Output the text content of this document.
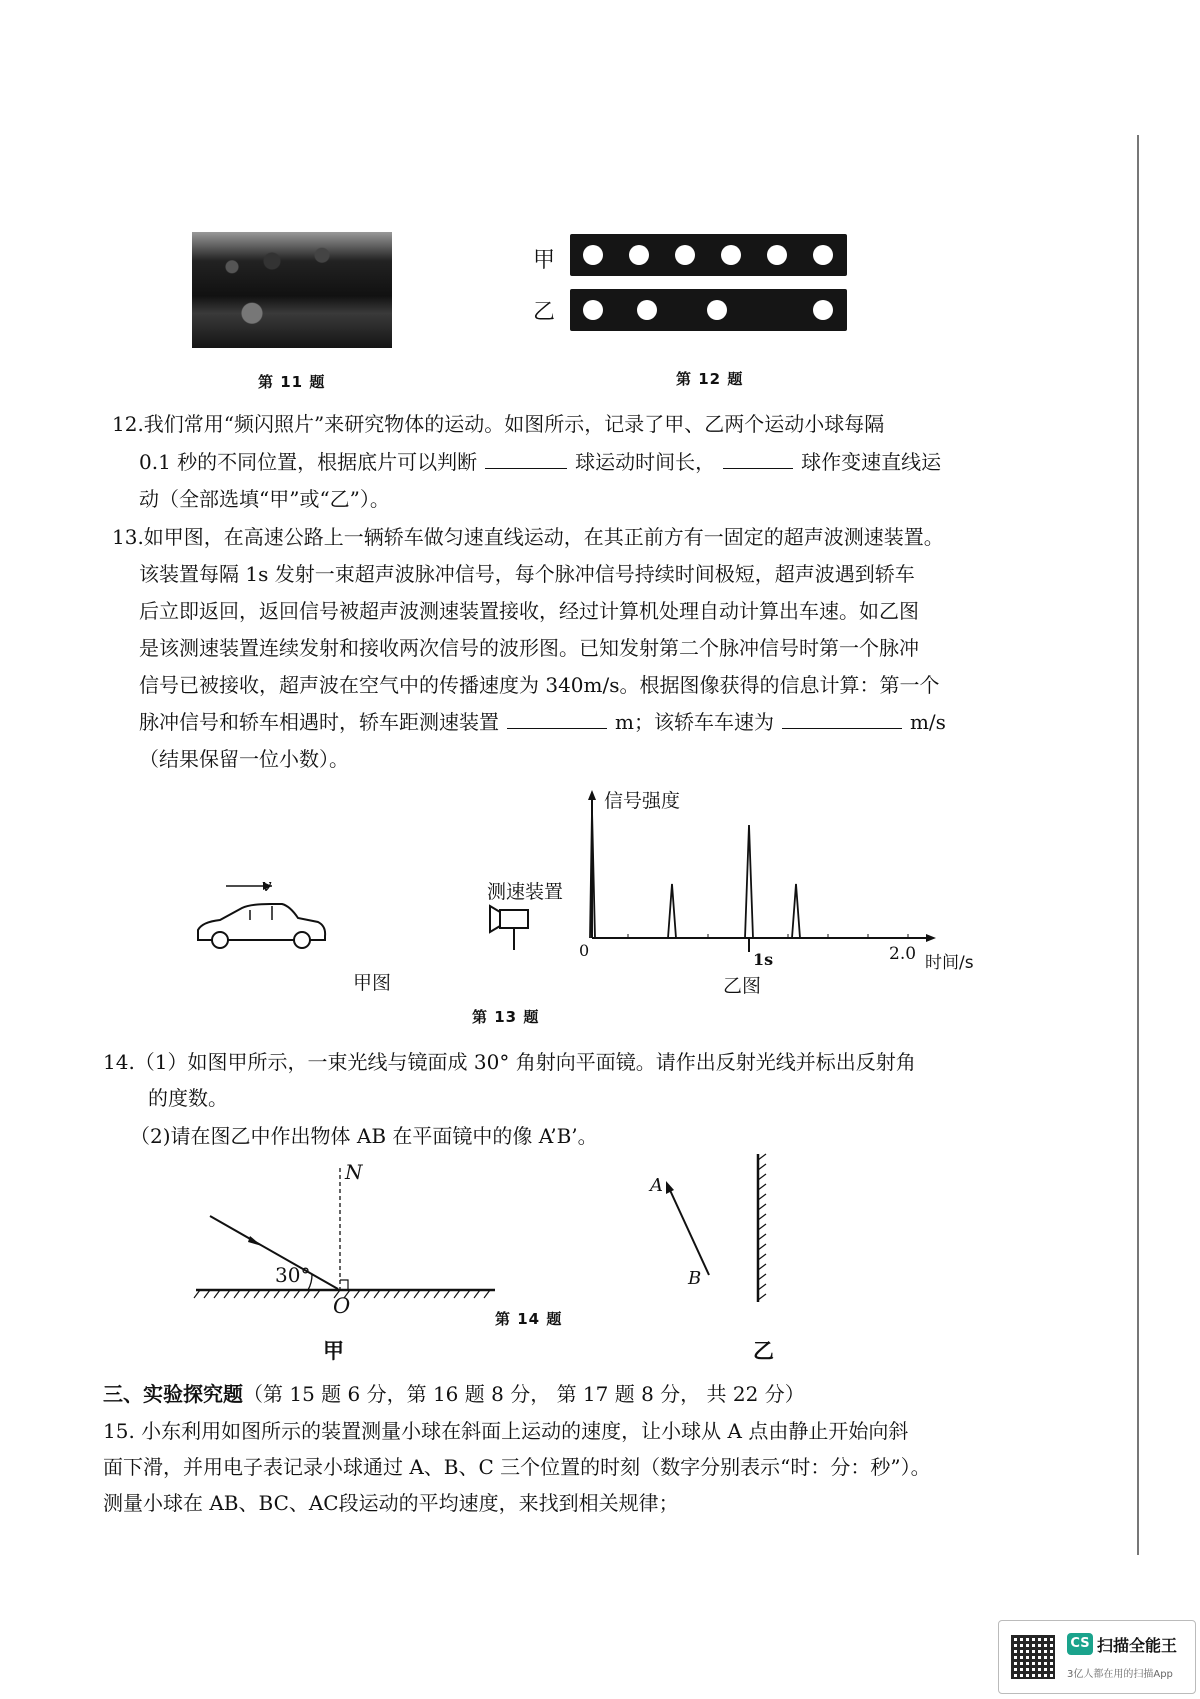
第 11 题
甲
乙
第 12 题
12.我们常用“频闪照片”来研究物体的运动。如图所示，记录了甲、乙两个运动小球每隔
0.1 秒的不同位置，根据底片可以判断	球运动时间长，	球作变速直线运
动（全部选填“甲”或“乙”）。
13.如甲图，在高速公路上一辆轿车做匀速直线运动，在其正前方有一固定的超声波测速装置。
该装置每隔 1s 发射一束超声波脉冲信号，每个脉冲信号持续时间极短，超声波遇到轿车
后立即返回，返回信号被超声波测速装置接收，经过计算机处理自动计算出车速。如乙图
是该测速装置连续发射和接收两次信号的波形图。已知发射第二个脉冲信号时第一个脉冲
信号已被接收，超声波在空气中的传播速度为 340m/s。根据图像获得的信息计算：第一个
脉冲信号和轿车相遇时，轿车距测速装置	m；该轿车车速为	m/s
（结果保留一位小数）。
v	测速装置
甲图
信号强度
0	1s	2.0 时间/s
乙图
第 13 题
14.（1）如图甲所示，一束光线与镜面成 30° 角射向平面镜。请作出反射光线并标出反射角
的度数。
（2)请在图乙中作出物体 AB 在平面镜中的像 A’B’。
N
30°
O
甲
A
B
第 14 题
乙
三、实验探究题（第 15 题 6 分，第 16 题 8 分， 第 17 题 8 分， 共 22 分）
15. 小东利用如图所示的装置测量小球在斜面上运动的速度，让小球从 A 点由静止开始向斜
面下滑，并用电子表记录小球通过 A、B、C 三个位置的时刻（数字分别表示“时：分：秒”）。
测量小球在 AB、BC、AC段运动的平均速度，来找到相关规律；
CS 扫描全能王
3亿人都在用的扫描App
